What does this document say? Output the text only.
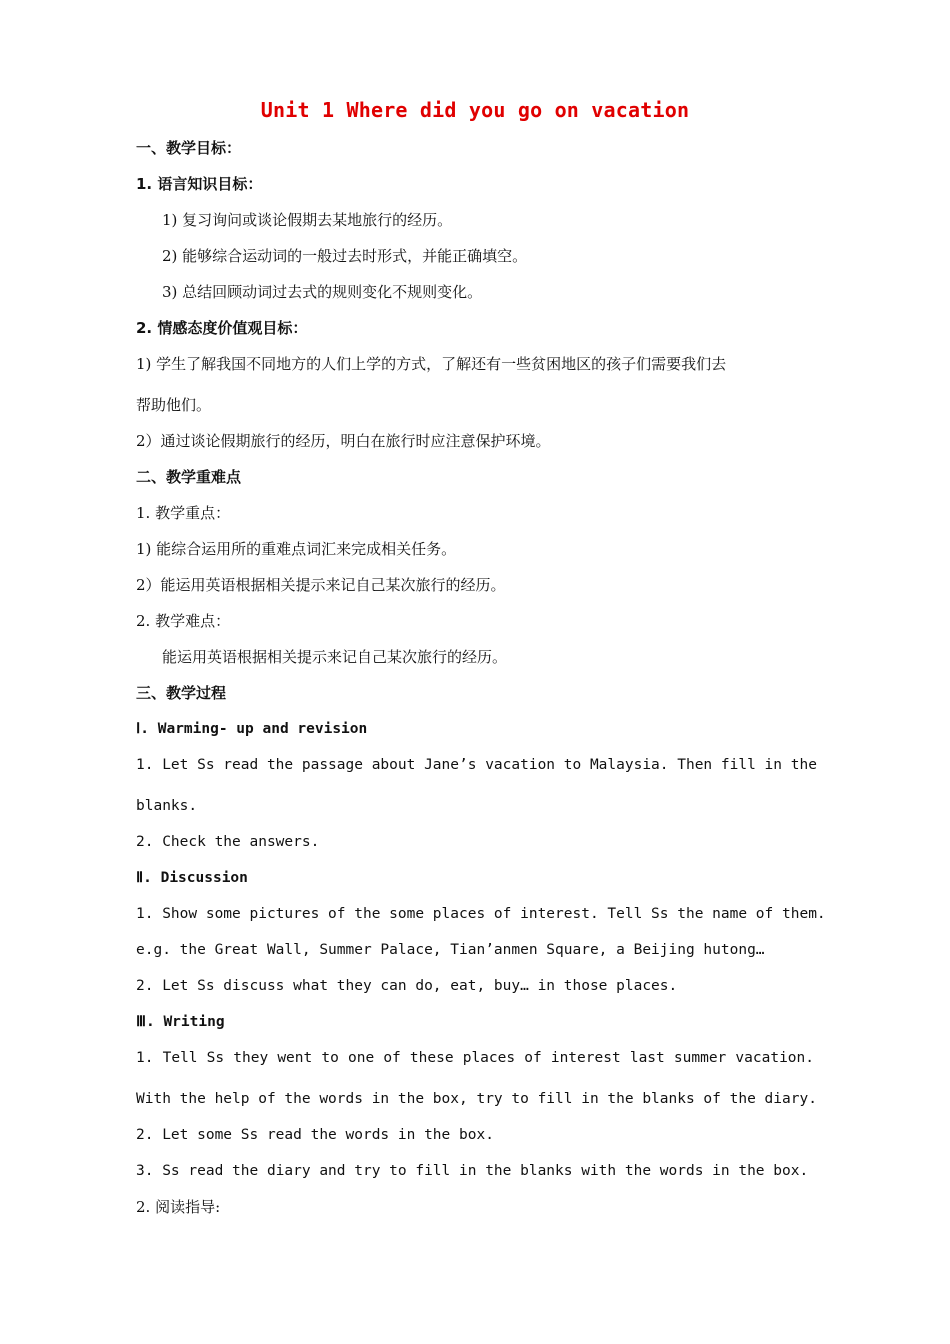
Unit 1 Where did you go on vacation
一、教学目标：
1. 语言知识目标：
1) 复习询问或谈论假期去某地旅行的经历。
2) 能够综合运动词的一般过去时形式，并能正确填空。
3) 总结回顾动词过去式的规则变化不规则变化。
2. 情感态度价值观目标：
1) 学生了解我国不同地方的人们上学的方式，了解还有一些贫困地区的孩子们需要我们去
帮助他们。
2）通过谈论假期旅行的经历，明白在旅行时应注意保护环境。
二、教学重难点
1. 教学重点：
1) 能综合运用所的重难点词汇来完成相关任务。
2）能运用英语根据相关提示来记自己某次旅行的经历。
2. 教学难点：
能运用英语根据相关提示来记自己某次旅行的经历。
三、教学过程
Ⅰ. Warming- up and revision
1. Let Ss read the passage about Jane’s vacation to Malaysia. Then fill in the
blanks.
2. Check the answers.
Ⅱ. Discussion
1. Show some pictures of the some places of interest. Tell Ss the name of them.
e.g. the Great Wall, Summer Palace, Tian’anmen Square, a Beijing hutong…
2. Let Ss discuss what they can do, eat, buy… in those places.
Ⅲ. Writing
1. Tell Ss they went to one of these places of interest last summer vacation.
With the help of the words in the box, try to fill in the blanks of the diary.
2. Let some Ss read the words in the box.
3. Ss read the diary and try to fill in the blanks with the words in the box.
2. 阅读指导:
